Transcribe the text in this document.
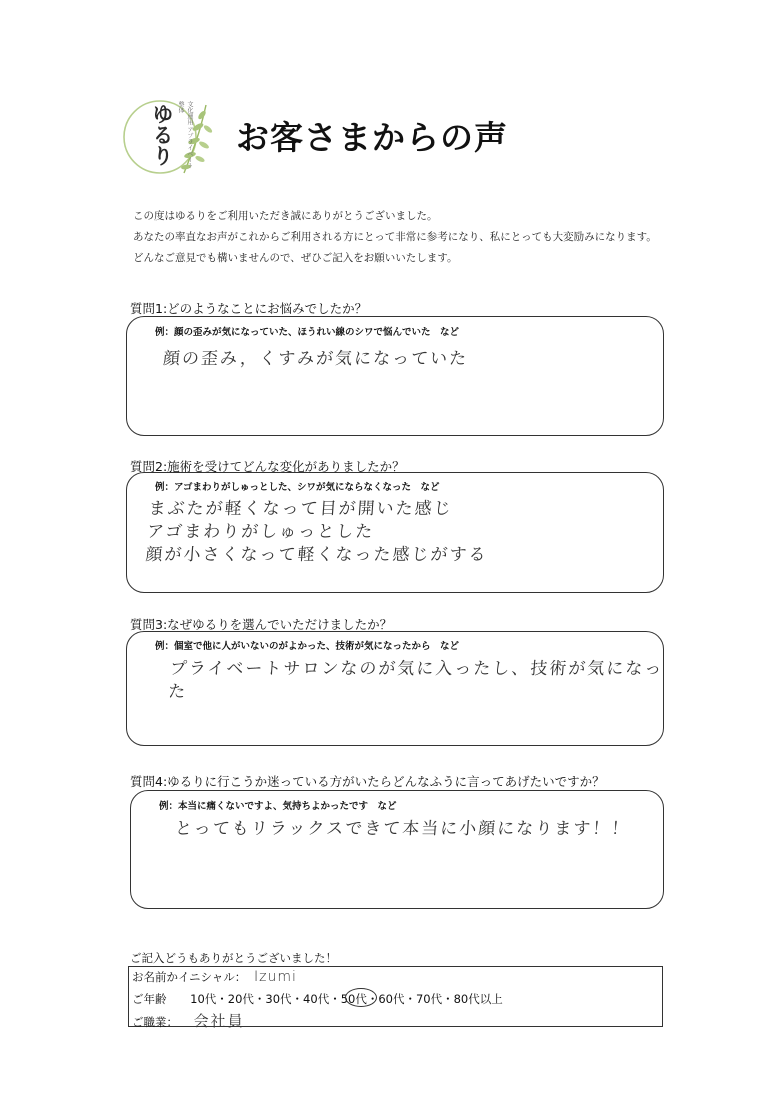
ゆるり	文化運用 アプライベート整体
お客さまからの声
この度はゆるりをご利用いただき誠にありがとうございました。
あなたの率直なお声がこれからご利用される方にとって非常に参考になり、私にとっても大変励みになります。
どんなご意見でも構いませんので、ぜひご記入をお願いいたします。
質問1:どのようなことにお悩みでしたか？
例：顔の歪みが気になっていた、ほうれい線のシワで悩んでいた　など
顔の歪み，くすみが気になっていた
質問2:施術を受けてどんな変化がありましたか？
例：アゴまわりがしゅっとした、シワが気にならなくなった　など
まぶたが軽くなって目が開いた感じ
アゴまわりがしゅっとした
顔が小さくなって軽くなった感じがする
質問3:なぜゆるりを選んでいただけましたか？
例：個室で他に人がいないのがよかった、技術が気になったから　など
プライベートサロンなのが気に入ったし、技術が気になった
質問4:ゆるりに行こうか迷っている方がいたらどんなふうに言ってあげたいですか？
例：本当に痛くないですよ、気持ちよかったです　など
とってもリラックスできて本当に小顔になります！！
ご記入どうもありがとうございました！
お名前かイニシャル： Izumi
ご年齢 10代・20代・30代・40代・50代・60代・70代・80代以上
ご職業： 会社員
